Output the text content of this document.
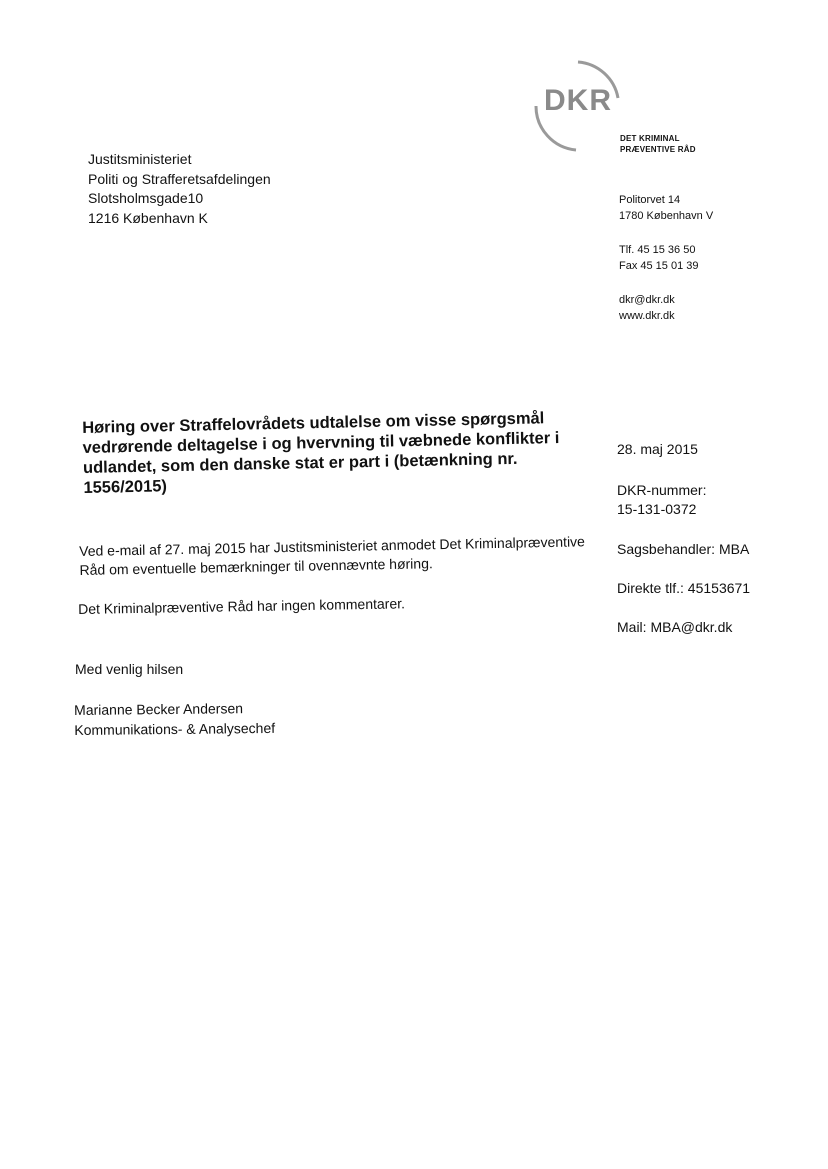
DKR
DET KRIMINAL
PRÆVENTIVE RÅD
Justitsministeriet
Politi og Strafferetsafdelingen
Slotsholmsgade10
1216 København K
Politorvet 14
1780 København V
Tlf. 45 15 36 50
Fax 45 15 01 39
dkr@dkr.dk
www.dkr.dk
Høring over Straffelovrådets udtalelse om visse spørgsmål vedrørende deltagelse i og hvervning til væbnede konflikter i udlandet, som den danske stat er part i (betænkning nr. 1556/2015)
28. maj 2015
DKR-nummer:
15-131-0372
Sagsbehandler: MBA
Direkte tlf.: 45153671
Mail: MBA@dkr.dk
Ved e-mail af 27. maj 2015 har Justitsministeriet anmodet Det Kriminalpræventive Råd om eventuelle bemærkninger til ovennævnte høring.
Det Kriminalpræventive Råd har ingen kommentarer.
Med venlig hilsen
Marianne Becker Andersen
Kommunikations- & Analysechef
